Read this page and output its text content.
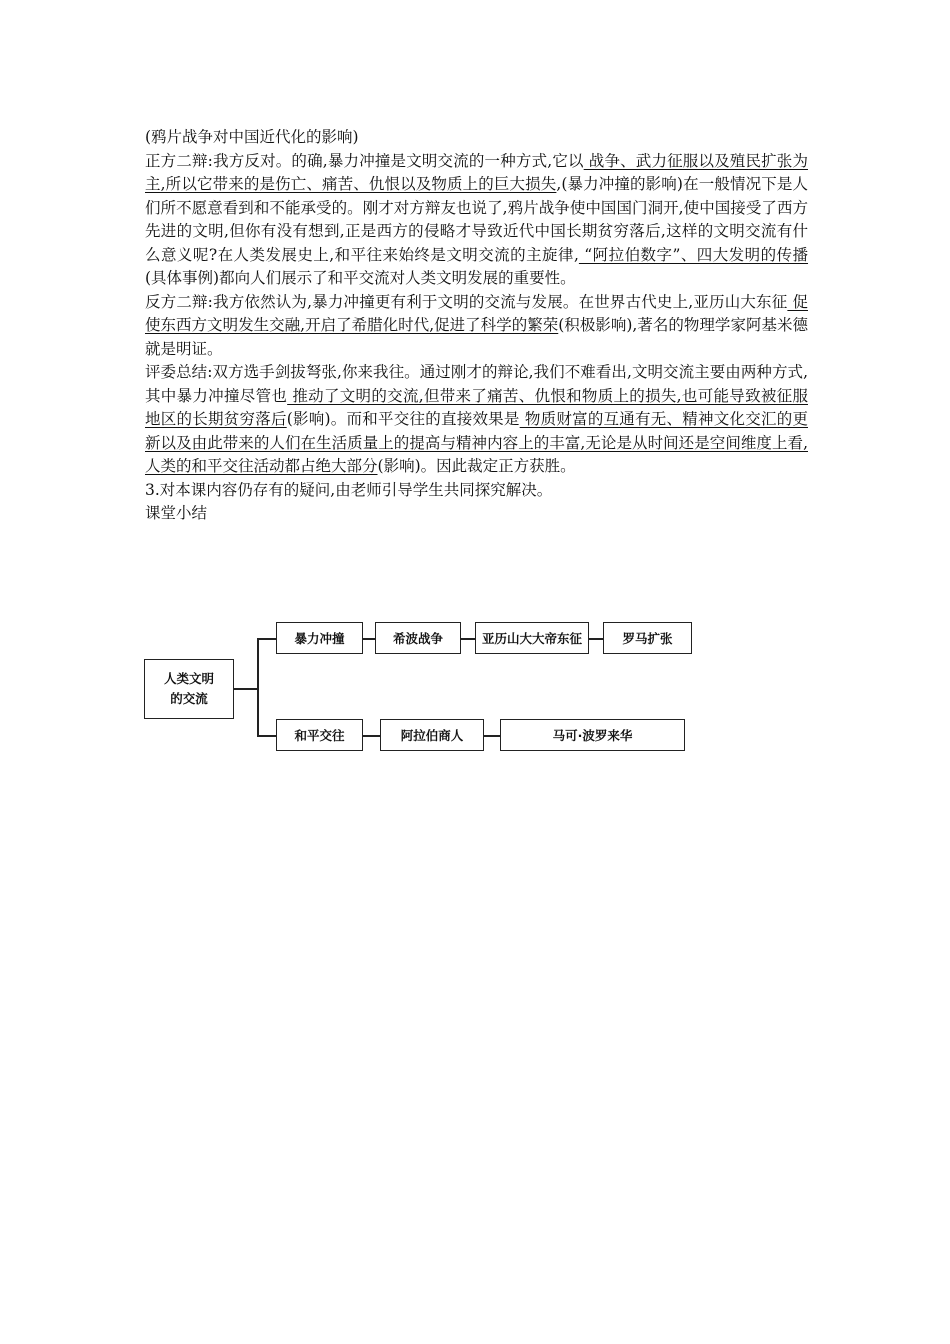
(鸦片战争对中国近代化的影响)

正方二辩:我方反对。的确,暴力冲撞是文明交流的一种方式,它以 战争、武力征服以及殖民扩张为主,所以它带来的是伤亡、痛苦、仇恨以及物质上的巨大损失,(暴力冲撞的影响)在一般情况下是人们所不愿意看到和不能承受的。刚才对方辩友也说了,鸦片战争使中国国门洞开,使中国接受了西方先进的文明,但你有没有想到,正是西方的侵略才导致近代中国长期贫穷落后,这样的文明交流有什么意义呢?在人类发展史上,和平往来始终是文明交流的主旋律, “阿拉伯数字”、四大发明的传播 (具体事例)都向人们展示了和平交流对人类文明发展的重要性。

反方二辩:我方依然认为,暴力冲撞更有利于文明的交流与发展。在世界古代史上,亚历山大东征 促使东西方文明发生交融,开启了希腊化时代,促进了科学的繁荣(积极影响),著名的物理学家阿基米德就是明证。

评委总结:双方选手剑拔弩张,你来我往。通过刚才的辩论,我们不难看出,文明交流主要由两种方式,其中暴力冲撞尽管也 推动了文明的交流,但带来了痛苦、仇恨和物质上的损失,也可能导致被征服地区的长期贫穷落后(影响)。而和平交往的直接效果是 物质财富的互通有无、精神文化交汇的更新以及由此带来的人们在生活质量上的提高与精神内容上的丰富,无论是从时间还是空间维度上看,人类的和平交往活动都占绝大部分(影响)。因此裁定正方获胜。

3.对本课内容仍存有的疑问,由老师引导学生共同探究解决。

课堂小结

人类文明
的交流
暴力冲撞	希波战争	亚历山大大帝东征	罗马扩张
和平交往	阿拉伯商人	马可·波罗来华
